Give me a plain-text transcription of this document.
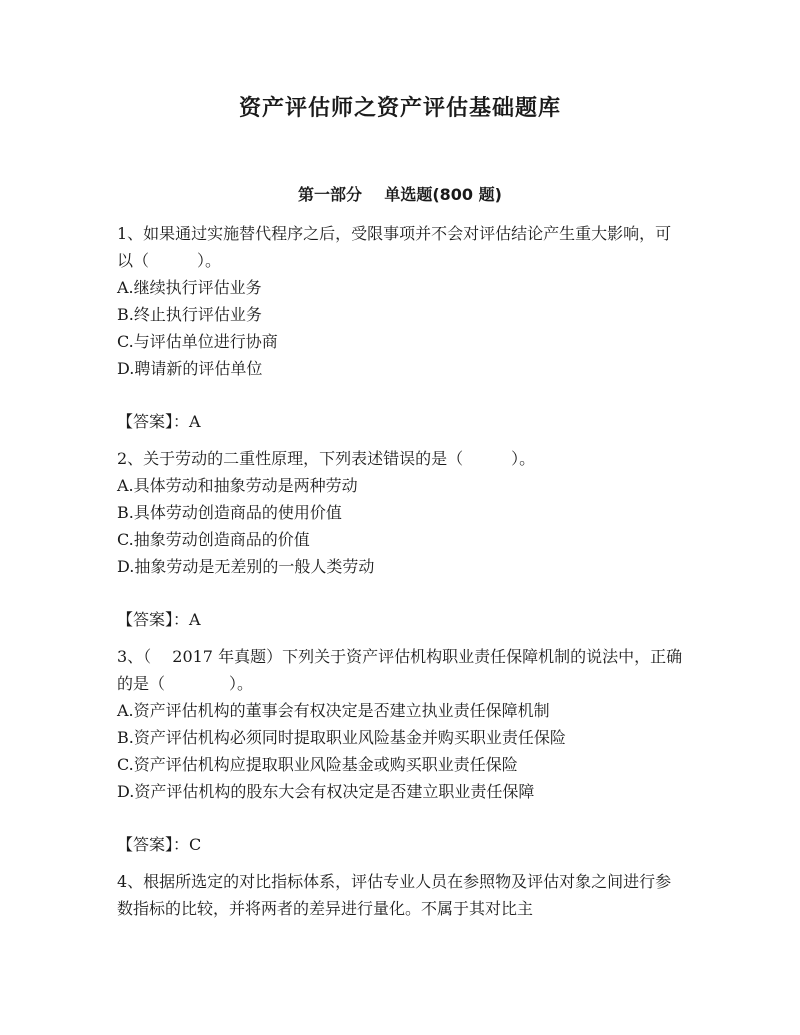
资产评估师之资产评估基础题库
第一部分    单选题(800 题)

1、如果通过实施替代程序之后，受限事项并不会对评估结论产生重大影响，可以（　　　）。

A.继续执行评估业务

B.终止执行评估业务

C.与评估单位进行协商

D.聘请新的评估单位

【答案】：A

2、关于劳动的二重性原理，下列表述错误的是（　　　）。

A.具体劳动和抽象劳动是两种劳动

B.具体劳动创造商品的使用价值

C.抽象劳动创造商品的价值

D.抽象劳动是无差别的一般人类劳动

【答案】：A

3、（　 2017 年真题）下列关于资产评估机构职业责任保障机制的说法中，正确的是（　　　　）。

A.资产评估机构的董事会有权决定是否建立执业责任保障机制

B.资产评估机构必须同时提取职业风险基金并购买职业责任保险

C.资产评估机构应提取职业风险基金或购买职业责任保险

D.资产评估机构的股东大会有权决定是否建立职业责任保障

【答案】：C

4、根据所选定的对比指标体系，评估专业人员在参照物及评估对象之间进行参数指标的比较，并将两者的差异进行量化。不属于其对比主
